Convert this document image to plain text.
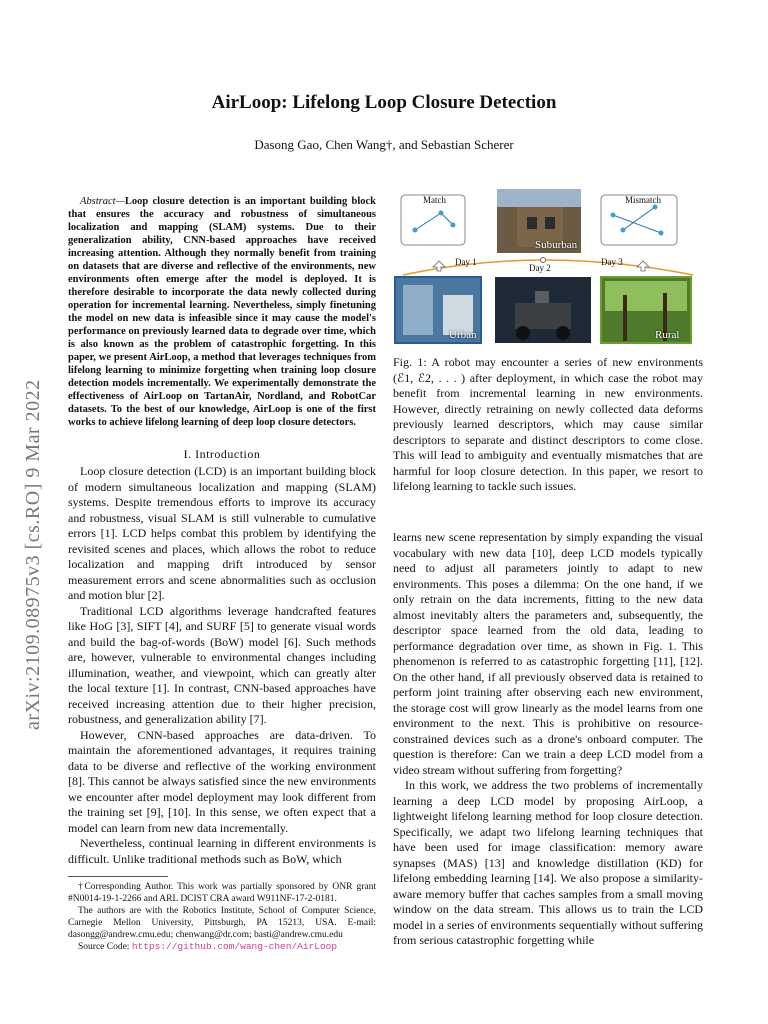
arXiv:2109.08975v3 [cs.RO] 9 Mar 2022
AirLoop: Lifelong Loop Closure Detection
Dasong Gao, Chen Wang†, and Sebastian Scherer

Abstract—Loop closure detection is an important building block that ensures the accuracy and robustness of simultaneous localization and mapping (SLAM) systems. Due to their generalization ability, CNN-based approaches have received increasing attention. Although they normally benefit from training on datasets that are diverse and reflective of the environments, new environments often emerge after the model is deployed. It is therefore desirable to incorporate the data newly collected during operation for incremental learning. Nevertheless, simply finetuning the model on new data is infeasible since it may cause the model's performance on previously learned data to degrade over time, which is also known as the problem of catastrophic forgetting. In this paper, we present AirLoop, a method that leverages techniques from lifelong learning to minimize forgetting when training loop closure detection models incrementally. We experimentally demonstrate the effectiveness of AirLoop on TartanAir, Nordland, and RobotCar datasets. To the best of our knowledge, AirLoop is one of the first works to achieve lifelong learning of deep loop closure detectors.

I. Introduction

Loop closure detection (LCD) is an important building block of modern simultaneous localization and mapping (SLAM) systems. Despite tremendous efforts to improve its accuracy and robustness, visual SLAM is still vulnerable to cumulative errors [1]. LCD helps combat this problem by identifying the revisited scenes and places, which allows the robot to reduce localization and mapping drift introduced by sensor measurement errors and scene abnormalities such as occlusion and motion blur [2].

Traditional LCD algorithms leverage handcrafted features like HoG [3], SIFT [4], and SURF [5] to generate visual words and build the bag-of-words (BoW) model [6]. Such methods are, however, vulnerable to environmental changes including illumination, weather, and viewpoint, which can greatly alter the local texture [1]. In contrast, CNN-based approaches have received increasing attention due to their higher precision, robustness, and generalization ability [7].

However, CNN-based approaches are data-driven. To maintain the aforementioned advantages, it requires training data to be diverse and reflective of the working environment [8]. This cannot be always satisfied since the new environments we encounter after model deployment may look different from the training set [9], [10]. In this sense, we often expect that a model can learn from new data incrementally.

Nevertheless, continual learning in different environments is difficult. Unlike traditional methods such as BoW, which

†Corresponding Author. This work was partially sponsored by ONR grant #N0014-19-1-2266 and ARL DCIST CRA award W911NF-17-2-0181.

The authors are with the Robotics Institute, School of Computer Science, Carnegie Mellon University, Pittsburgh, PA 15213, USA. E-mail: dasongg@andrew.cmu.edu; chenwang@dr.com; basti@andrew.cmu.edu

Source Code: https://github.com/wang-chen/AirLoop

Match	Mismatch
Day 1
Day 2
Day 3
Suburban
Urban	Rural

Fig. 1: A robot may encounter a series of new environments (ℰ1, ℰ2, . . . ) after deployment, in which case the robot may benefit from incremental learning in new environments. However, directly retraining on newly collected data deforms previously learned descriptors, which may cause similar descriptors to separate and distinct descriptors to come close. This will lead to ambiguity and eventually mismatches that are harmful for loop closure detection. In this paper, we resort to lifelong learning to tackle such issues.

learns new scene representation by simply expanding the visual vocabulary with new data [10], deep LCD models typically need to adjust all parameters jointly to adapt to new environments. This poses a dilemma: On the one hand, if we only retrain on the data increments, fitting to the new data almost inevitably alters the parameters and, subsequently, the descriptor space learned from the old data, leading to performance degradation over time, as shown in Fig. 1. This phenomenon is referred to as catastrophic forgetting [11], [12]. On the other hand, if all previously observed data is retained to perform joint training after observing each new environment, the storage cost will grow linearly as the model learns from one environment to the next. This is prohibitive on resource-constrained devices such as a drone's onboard computer. The question is therefore: Can we train a deep LCD model from a video stream without suffering from forgetting?

In this work, we address the two problems of incrementally learning a deep LCD model by proposing AirLoop, a lightweight lifelong learning method for loop closure detection. Specifically, we adapt two lifelong learning techniques that have been used for image classification: memory aware synapses (MAS) [13] and knowledge distillation (KD) for lifelong embedding learning [14]. We also propose a similarity-aware memory buffer that caches samples from a small moving window on the data stream. This allows us to train the LCD model in a series of environments sequentially without suffering from serious catastrophic forgetting while
